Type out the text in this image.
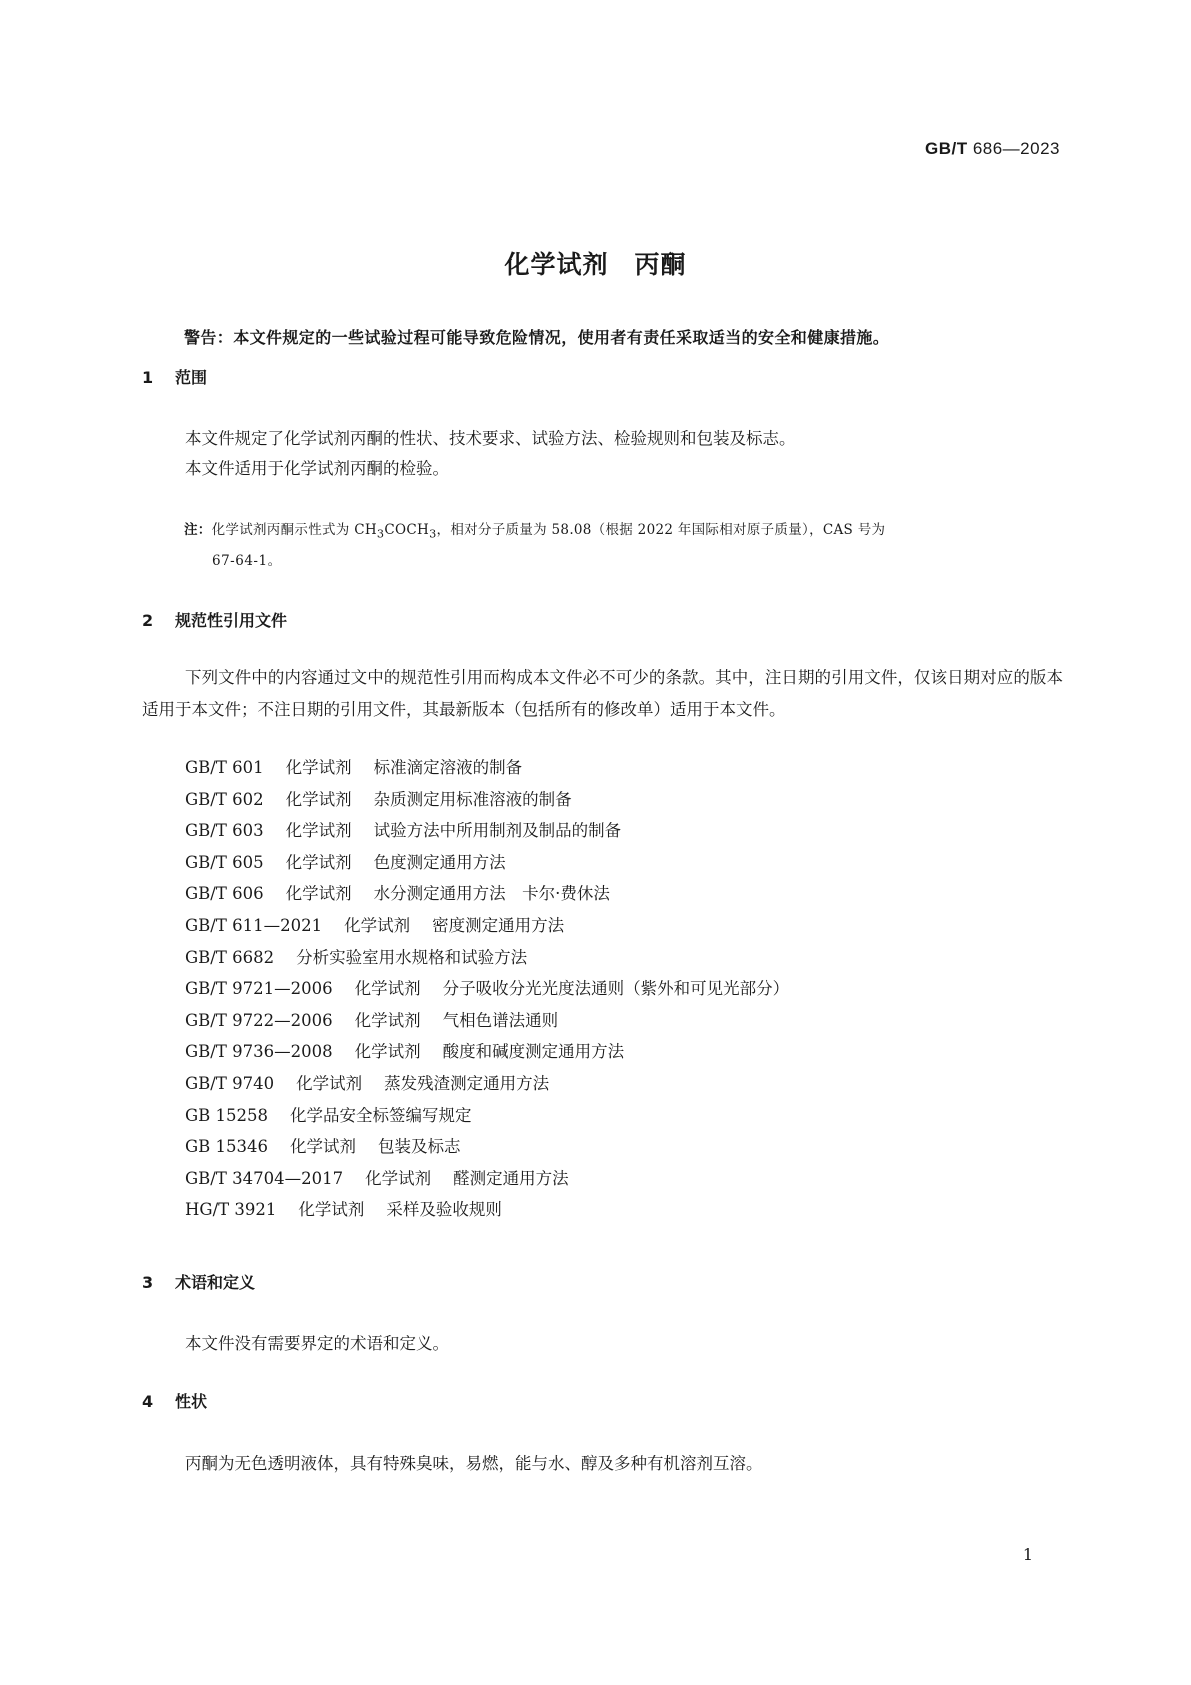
GB/T 686—2023
化学试剂　丙酮
警告：本文件规定的一些试验过程可能导致危险情况，使用者有责任采取适当的安全和健康措施。
1 范围
本文件规定了化学试剂丙酮的性状、技术要求、试验方法、检验规则和包装及标志。
本文件适用于化学试剂丙酮的检验。
注：化学试剂丙酮示性式为 $CH_3COCH_3$，相对分子质量为 58.08（根据 2022 年国际相对原子质量），CAS 号为
67-64-1。
2 规范性引用文件

下列文件中的内容通过文中的规范性引用而构成本文件必不可少的条款。其中，注日期的引用文件，仅该日期对应的版本适用于本文件；不注日期的引用文件，其最新版本（包括所有的修改单）适用于本文件。

GB/T 601 化学试剂 标准滴定溶液的制备
GB/T 602 化学试剂 杂质测定用标准溶液的制备
GB/T 603 化学试剂 试验方法中所用制剂及制品的制备
GB/T 605 化学试剂 色度测定通用方法
GB/T 606 化学试剂 水分测定通用方法　卡尔·费休法
GB/T 611—2021 化学试剂 密度测定通用方法
GB/T 6682 分析实验室用水规格和试验方法
GB/T 9721—2006 化学试剂 分子吸收分光光度法通则（紫外和可见光部分）
GB/T 9722—2006 化学试剂 气相色谱法通则
GB/T 9736—2008 化学试剂 酸度和碱度测定通用方法
GB/T 9740 化学试剂 蒸发残渣测定通用方法
GB 15258 化学品安全标签编写规定
GB 15346 化学试剂 包装及标志
GB/T 34704—2017 化学试剂 醛测定通用方法
HG/T 3921 化学试剂 采样及验收规则
3 术语和定义
本文件没有需要界定的术语和定义。
4 性状
丙酮为无色透明液体，具有特殊臭味，易燃，能与水、醇及多种有机溶剂互溶。
1
